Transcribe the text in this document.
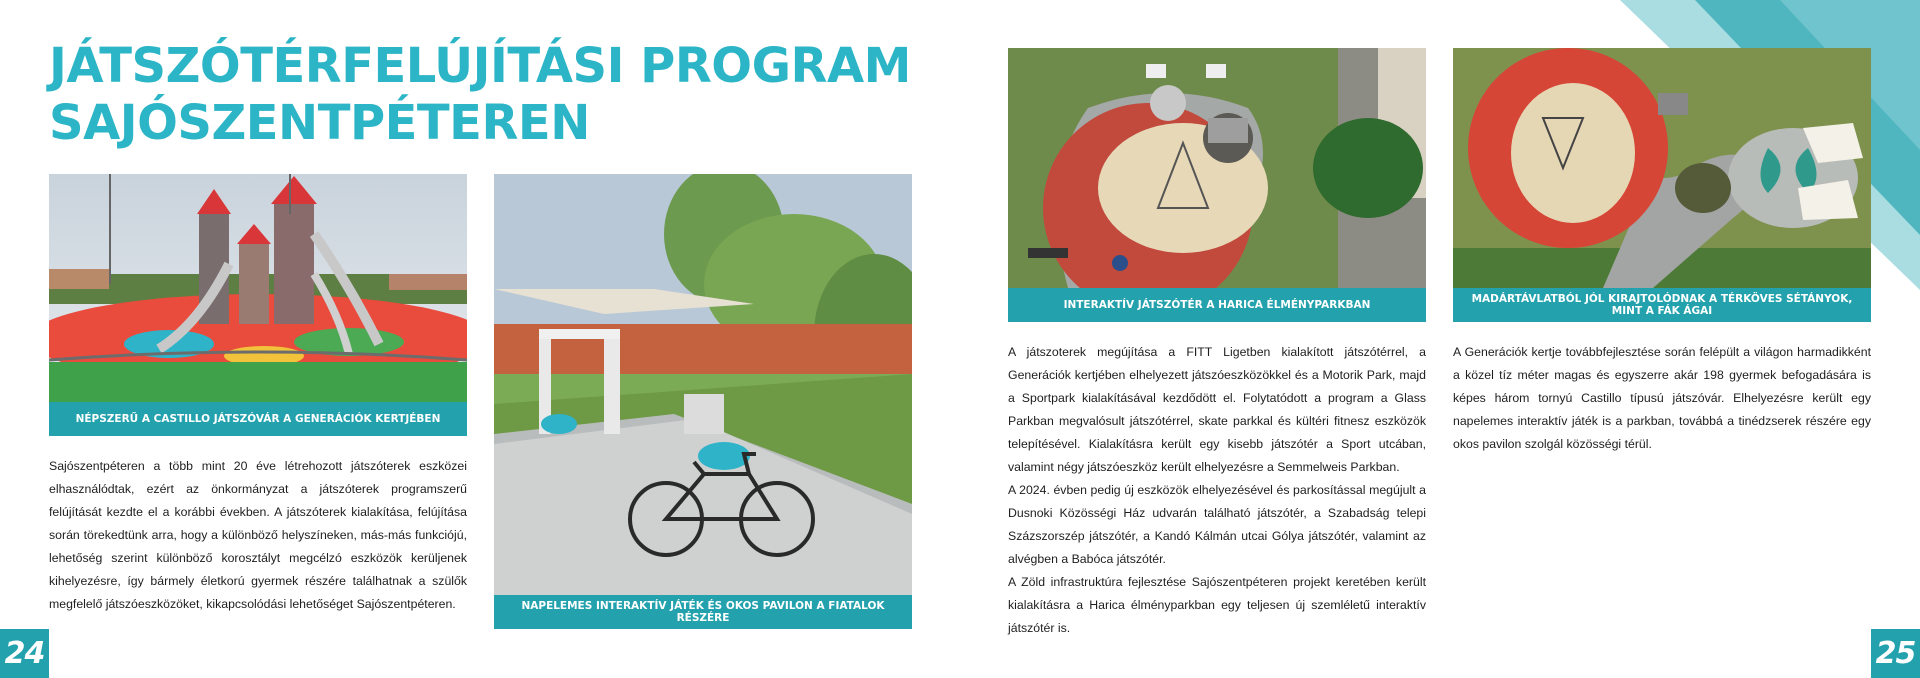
JÁTSZÓTÉRFELÚJÍTÁSI PROGRAM
SAJÓSZENTPÉTEREN
NÉPSZERŰ A CASTILLO JÁTSZÓVÁR A GENERÁCIÓK KERTJÉBEN
NAPELEMES INTERAKTÍV JÁTÉK ÉS OKOS PAVILON A FIATALOK RÉSZÉRE
INTERAKTÍV JÁTSZÓTÉR A HARICA ÉLMÉNYPARKBAN	MADÁRTÁVLATBÓL JÓL KIRAJTOLÓDNAK A TÉRKÖVES SÉTÁNYOK,
MINT A FÁK ÁGAI

Sajószentpéteren a több mint 20 éve létrehozott játszóterek eszközei elhasználódtak, ezért az önkormányzat a játszóterek programszerű felújítását kezdte el a korábbi években. A játszóterek kialakítása, felújítása során törekedtünk arra, hogy a különböző helyszíneken, más-más funkciójú, lehetőség szerint különböző korosztályt megcélzó eszközök kerüljenek kihelyezésre, így bármely életkorú gyermek részére találhatnak a szülők megfelelő játszóeszközöket, kikapcsolódási lehetőséget Sajószentpéteren.

A játszoterek megújítása a FITT Ligetben kialakított játszótérrel, a Generációk kertjében elhelyezett játszóeszközökkel és a Motorik Park, majd a Sportpark kialakításával kezdődött el. Folytatódott a program a Glass Parkban megvalósult játszótérrel, skate parkkal és kültéri fitnesz eszközök telepítésével. Kialakításra került egy kisebb játszótér a Sport utcában, valamint négy játszóeszköz került elhelyezésre a Semmelweis Parkban.

A 2024. évben pedig új eszközök elhelyezésével és parkosítással megújult a Dusnoki Közösségi Ház udvarán található játszótér, a Szabadság telepi Százszorszép játszótér, a Kandó Kálmán utcai Gólya játszótér, valamint az alvégben a Babóca játszótér.

A Zöld infrastruktúra fejlesztése Sajószentpéteren projekt keretében került kialakításra a Harica élményparkban egy teljesen új szemléletű interaktív játszótér is.

A Generációk kertje továbbfejlesztése során felépült a világon harmadikként a közel tíz méter magas és egyszerre akár 198 gyermek befogadására is képes három tornyú Castillo típusú játszóvár. Elhelyezésre került egy napelemes interaktív játék is a parkban, továbbá a tinédzserek részére egy okos pavilon szolgál közösségi térül.

24	25
